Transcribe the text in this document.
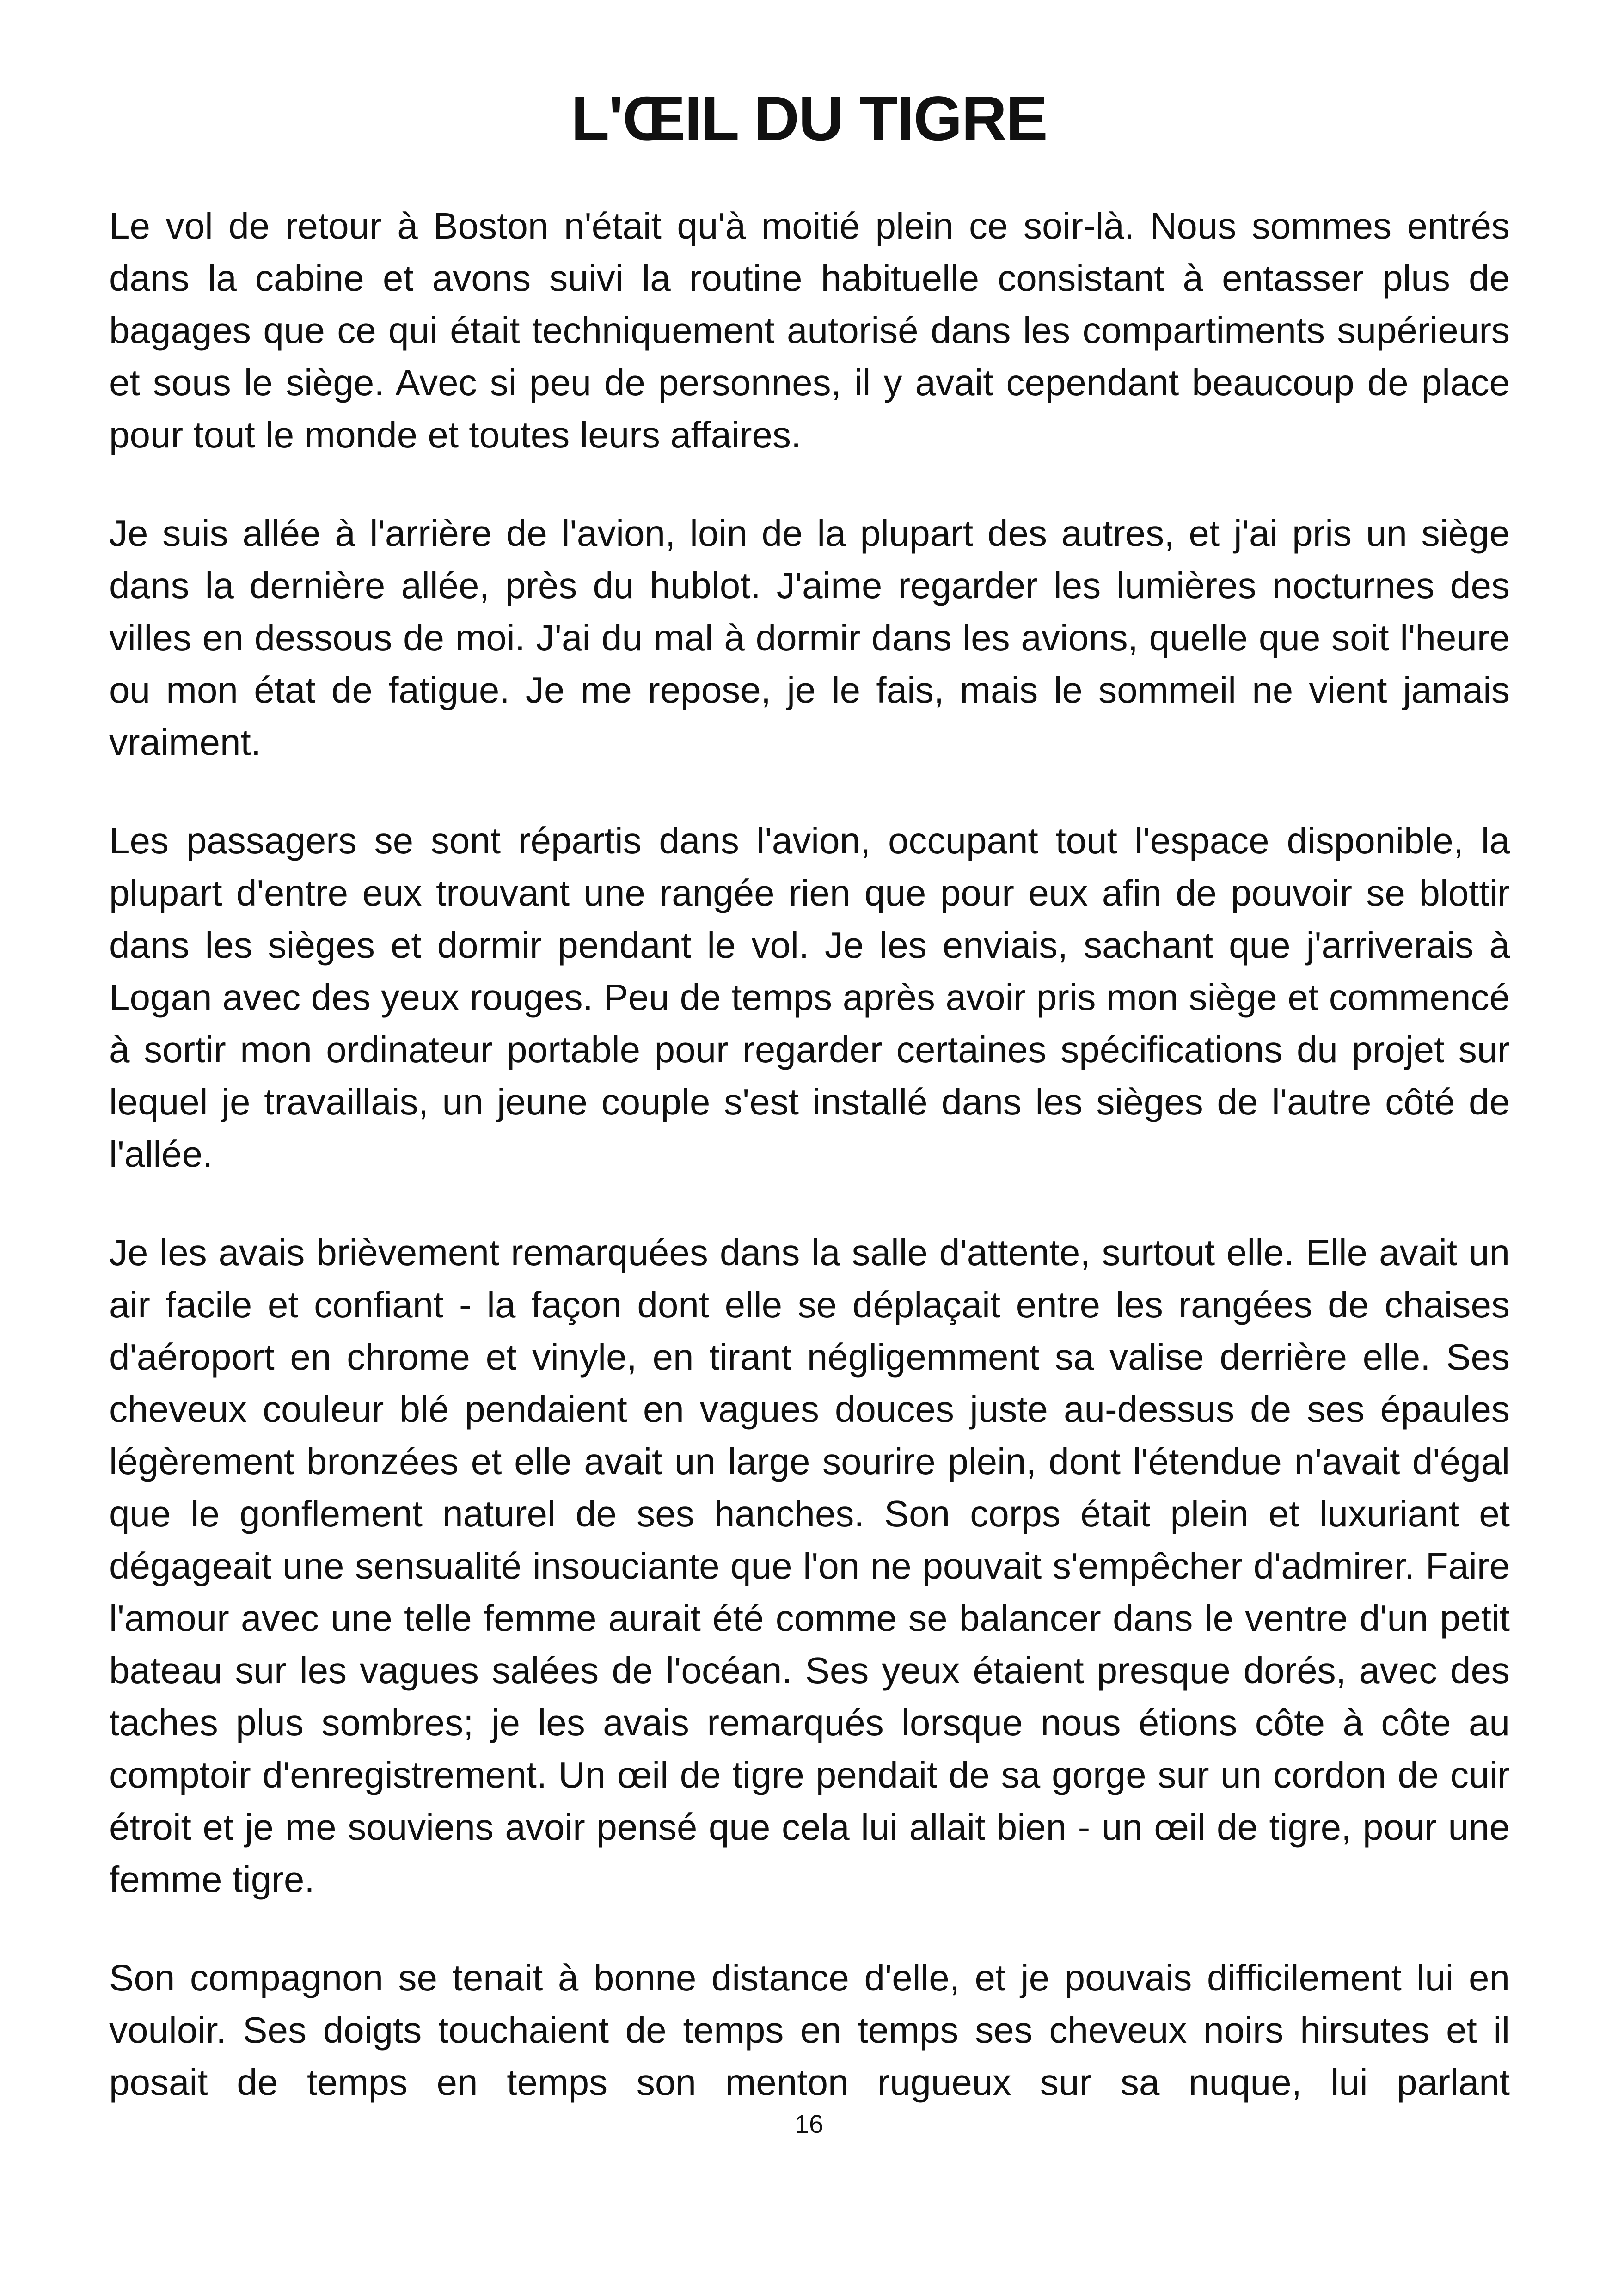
L'ŒIL DU TIGRE

Le vol de retour à Boston n'était qu'à moitié plein ce soir-là. Nous sommes entrés dans la cabine et avons suivi la routine habituelle consistant à entasser plus de bagages que ce qui était techniquement autorisé dans les compartiments supérieurs et sous le siège. Avec si peu de personnes, il y avait cependant beaucoup de place pour tout le monde et toutes leurs affaires.

Je suis allée à l'arrière de l'avion, loin de la plupart des autres, et j'ai pris un siège dans la dernière allée, près du hublot. J'aime regarder les lumières nocturnes des villes en dessous de moi. J'ai du mal à dormir dans les avions, quelle que soit l'heure ou mon état de fatigue. Je me repose, je le fais, mais le sommeil ne vient jamais vraiment.

Les passagers se sont répartis dans l'avion, occupant tout l'espace disponible, la plupart d'entre eux trouvant une rangée rien que pour eux afin de pouvoir se blottir dans les sièges et dormir pendant le vol. Je les enviais, sachant que j'arriverais à Logan avec des yeux rouges. Peu de temps après avoir pris mon siège et commencé à sortir mon ordinateur portable pour regarder certaines spécifications du projet sur lequel je travaillais, un jeune couple s'est installé dans les sièges de l'autre côté de l'allée.

Je les avais brièvement remarquées dans la salle d'attente, surtout elle. Elle avait un air facile et confiant - la façon dont elle se déplaçait entre les rangées de chaises d'aéroport en chrome et vinyle, en tirant négligemment sa valise derrière elle. Ses cheveux couleur blé pendaient en vagues douces juste au-dessus de ses épaules légèrement bronzées et elle avait un large sourire plein, dont l'étendue n'avait d'égal que le gonflement naturel de ses hanches. Son corps était plein et luxuriant et dégageait une sensualité insouciante que l'on ne pouvait s'empêcher d'admirer. Faire l'amour avec une telle femme aurait été comme se balancer dans le ventre d'un petit bateau sur les vagues salées de l'océan. Ses yeux étaient presque dorés, avec des taches plus sombres; je les avais remarqués lorsque nous étions côte à côte au comptoir d'enregistrement. Un œil de tigre pendait de sa gorge sur un cordon de cuir étroit et je me souviens avoir pensé que cela lui allait bien - un œil de tigre, pour une femme tigre.

Son compagnon se tenait à bonne distance d'elle, et je pouvais difficilement lui en vouloir. Ses doigts touchaient de temps en temps ses cheveux noirs hirsutes et il posait de temps en temps son menton rugueux sur sa nuque, lui parlant

16
